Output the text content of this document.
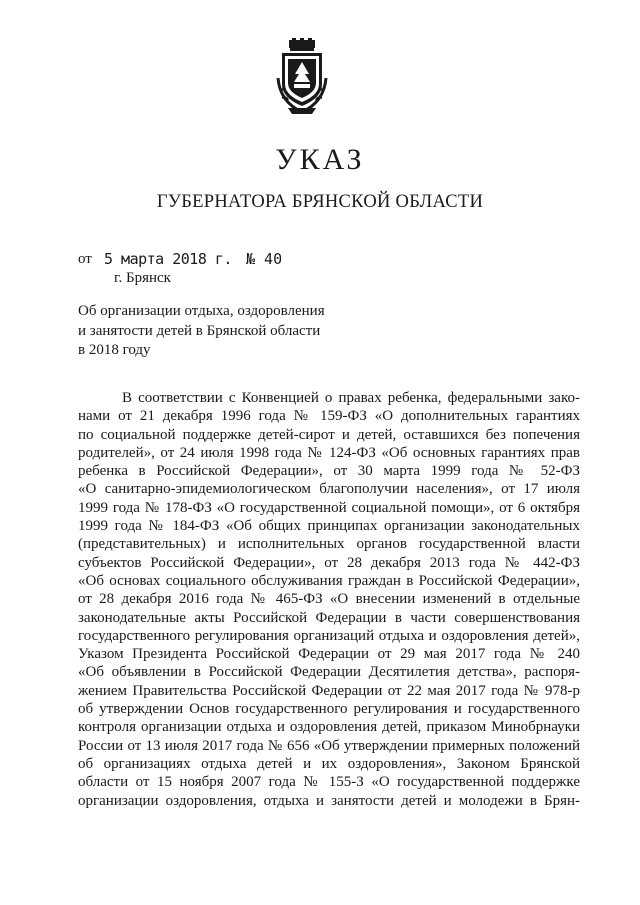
УКАЗ
ГУБЕРНАТОРА БРЯНСКОЙ ОБЛАСТИ
от 5 марта 2018 г. № 40
г. Брянск
Об организации отдыха, оздоровления
и занятости детей в Брянской области
в 2018 году
В соответствии с Конвенцией о правах ребенка, федеральными зако-
нами от 21 декабря 1996 года № 159-ФЗ «О дополнительных гарантиях
по социальной поддержке детей-сирот и детей, оставшихся без попечения
родителей», от 24 июля 1998 года № 124-ФЗ «Об основных гарантиях прав
ребенка в Российской Федерации», от 30 марта 1999 года № 52-ФЗ
«О санитарно-эпидемиологическом благополучии населения», от 17 июля
1999 года № 178-ФЗ «О государственной социальной помощи», от 6 октября
1999 года № 184-ФЗ «Об общих принципах организации законодательных
(представительных) и исполнительных органов государственной власти
субъектов Российской Федерации», от 28 декабря 2013 года № 442-ФЗ
«Об основах социального обслуживания граждан в Российской Федерации»,
от 28 декабря 2016 года № 465-ФЗ «О внесении изменений в отдельные
законодательные акты Российской Федерации в части совершенствования
государственного регулирования организаций отдыха и оздоровления детей»,
Указом Президента Российской Федерации от 29 мая 2017 года № 240
«Об объявлении в Российской Федерации Десятилетия детства», распоря-
жением Правительства Российской Федерации от 22 мая 2017 года № 978-р
об утверждении Основ государственного регулирования и государственного
контроля организации отдыха и оздоровления детей, приказом Минобрнауки
России от 13 июля 2017 года № 656 «Об утверждении примерных положений
об организациях отдыха детей и их оздоровления», Законом Брянской
области от 15 ноября 2007 года № 155-З «О государственной поддержке
организации оздоровления, отдыха и занятости детей и молодежи в Брян-
